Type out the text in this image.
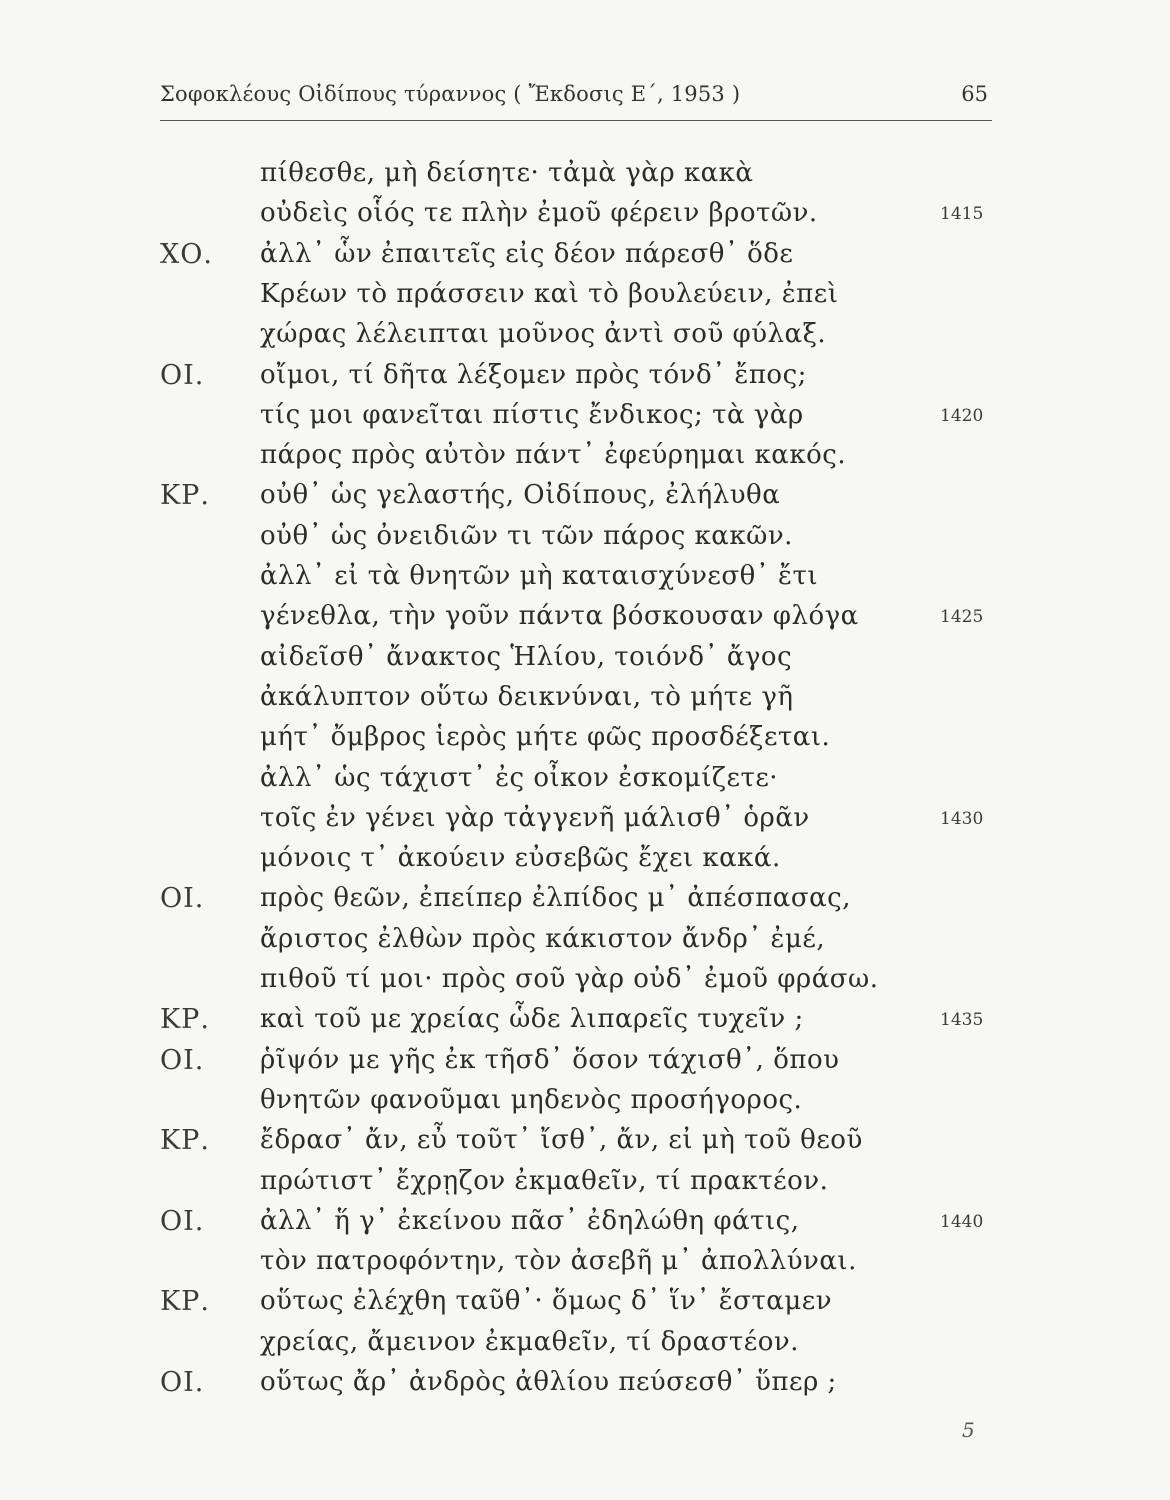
Σοφοκλέους Οἰδίπους τύραννος ( Ἔκδοσις Ε΄, 1953 )	65
πίθεσθε, μὴ δείσητε· τἀμὰ γὰρ κακὰ
οὐδεὶς οἷός τε πλὴν ἐμοῦ φέρειν βροτῶν.	1415
ΧΟ. ἀλλ᾽ ὧν ἐπαιτεῖς εἰς δέον πάρεσθ᾽ ὅδε
Κρέων τὸ πράσσειν καὶ τὸ βουλεύειν, ἐπεὶ
χώρας λέλειπται μοῦνος ἀντὶ σοῦ φύλαξ.
ΟΙ. οἴμοι, τί δῆτα λέξομεν πρὸς τόνδ᾽ ἔπος;
τίς μοι φανεῖται πίστις ἔνδικος; τὰ γὰρ	1420
πάρος πρὸς αὐτὸν πάντ᾽ ἐφεύρημαι κακός.
ΚΡ. οὐθ᾽ ὡς γελαστής, Οἰδίπους, ἐλήλυθα
οὐθ᾽ ὡς ὀνειδιῶν τι τῶν πάρος κακῶν.
ἀλλ᾽ εἰ τὰ θνητῶν μὴ καταισχύνεσθ᾽ ἔτι
γένεθλα, τὴν γοῦν πάντα βόσκουσαν φλόγα	1425
αἰδεῖσθ᾽ ἄνακτος Ἡλίου, τοιόνδ᾽ ἄγος
ἀκάλυπτον οὕτω δεικνύναι, τὸ μήτε γῆ
μήτ᾽ ὄμβρος ἱερὸς μήτε φῶς προσδέξεται.
ἀλλ᾽ ὡς τάχιστ᾽ ἐς οἶκον ἐσκομίζετε·
τοῖς ἐν γένει γὰρ τἀγγενῆ μάλισθ᾽ ὁρᾶν	1430
μόνοις τ᾽ ἀκούειν εὐσεβῶς ἔχει κακά.
ΟΙ. πρὸς θεῶν, ἐπείπερ ἐλπίδος μ᾽ ἀπέσπασας,
ἄριστος ἐλθὼν πρὸς κάκιστον ἄνδρ᾽ ἐμέ,
πιθοῦ τί μοι· πρὸς σοῦ γὰρ οὐδ᾽ ἐμοῦ φράσω.
ΚΡ. καὶ τοῦ με χρείας ὧδε λιπαρεῖς τυχεῖν ;	1435
ΟΙ. ῥῖψόν με γῆς ἐκ τῆσδ᾽ ὅσον τάχισθ᾽, ὅπου
θνητῶν φανοῦμαι μηδενὸς προσήγορος.
ΚΡ. ἔδρασ᾽ ἄν, εὖ τοῦτ᾽ ἴσθ᾽, ἄν, εἰ μὴ τοῦ θεοῦ
πρώτιστ᾽ ἔχρῃζον ἐκμαθεῖν, τί πρακτέον.
ΟΙ. ἀλλ᾽ ἥ γ᾽ ἐκείνου πᾶσ᾽ ἐδηλώθη φάτις,	1440
τὸν πατροφόντην, τὸν ἀσεβῆ μ᾽ ἀπολλύναι.
ΚΡ. οὕτως ἐλέχθη ταῦθ᾽· ὅμως δ᾽ ἵν᾽ ἔσταμεν
χρείας, ἄμεινον ἐκμαθεῖν, τί δραστέον.
ΟΙ. οὕτως ἄρ᾽ ἀνδρὸς ἀθλίου πεύσεσθ᾽ ὕπερ ;
5
